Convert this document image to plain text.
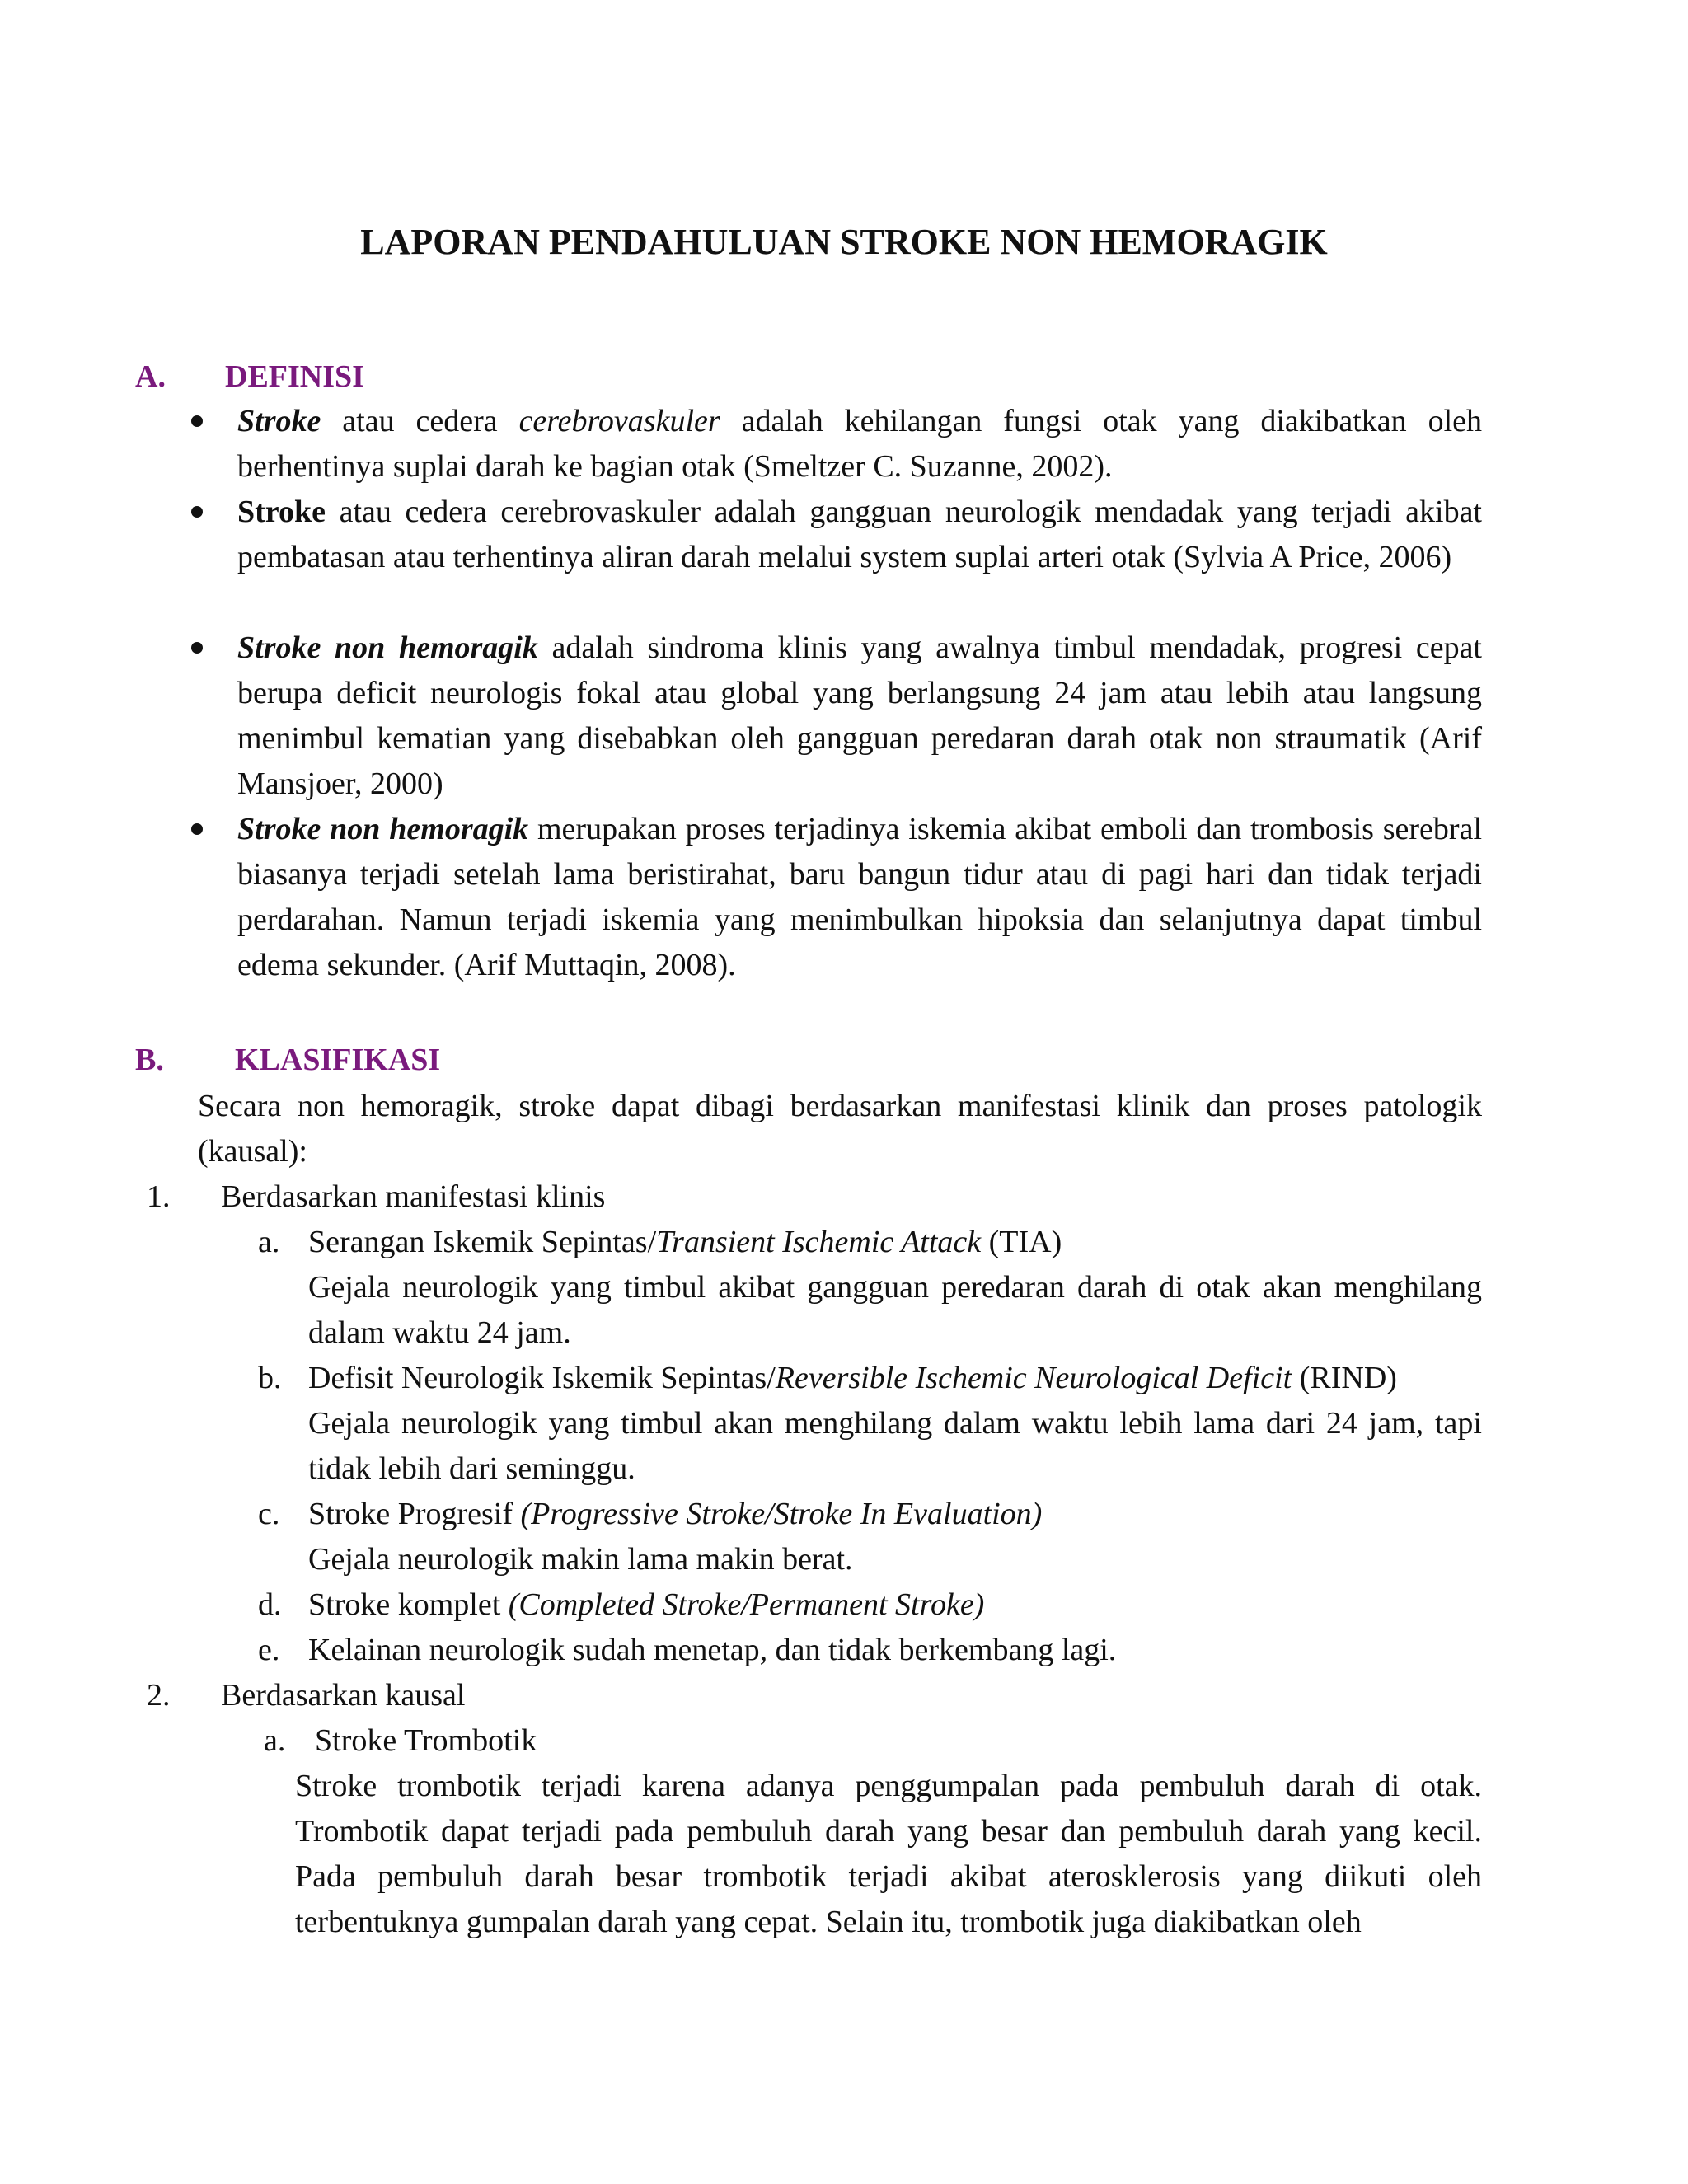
LAPORAN PENDAHULUAN STROKE NON HEMORAGIK
A. DEFINISI

Stroke atau cedera cerebrovaskuler adalah kehilangan fungsi otak yang diakibatkan oleh berhentinya suplai darah ke bagian otak (Smeltzer C. Suzanne, 2002).

Stroke atau cedera cerebrovaskuler adalah gangguan neurologik mendadak yang terjadi akibat pembatasan atau terhentinya aliran darah melalui system suplai arteri otak (Sylvia A Price, 2006)

Stroke non hemoragik adalah sindroma klinis yang awalnya timbul mendadak, progresi cepat berupa deficit neurologis fokal atau global yang berlangsung 24 jam atau lebih atau langsung menimbul kematian yang disebabkan oleh gangguan peredaran darah otak non straumatik (Arif Mansjoer, 2000)

Stroke non hemoragik merupakan proses terjadinya iskemia akibat emboli dan trombosis serebral biasanya terjadi setelah lama beristirahat, baru bangun tidur atau di pagi hari dan tidak terjadi perdarahan. Namun terjadi iskemia yang menimbulkan hipoksia dan selanjutnya dapat timbul edema sekunder. (Arif Muttaqin, 2008).

B. KLASIFIKASI
Secara non hemoragik, stroke dapat dibagi berdasarkan manifestasi klinik dan proses patologik (kausal):
1. Berdasarkan manifestasi klinis
a. Serangan Iskemik Sepintas/Transient Ischemic Attack (TIA)
Gejala neurologik yang timbul akibat gangguan peredaran darah di otak akan menghilang dalam waktu 24 jam.
b. Defisit Neurologik Iskemik Sepintas/Reversible Ischemic Neurological Deficit (RIND)
Gejala neurologik yang timbul akan menghilang dalam waktu lebih lama dari 24 jam, tapi tidak lebih dari seminggu.
c. Stroke Progresif (Progressive Stroke/Stroke In Evaluation)
Gejala neurologik makin lama makin berat.
d. Stroke komplet (Completed Stroke/Permanent Stroke)
e. Kelainan neurologik sudah menetap, dan tidak berkembang lagi.
2. Berdasarkan kausal
a. Stroke Trombotik
Stroke trombotik terjadi karena adanya penggumpalan pada pembuluh darah di otak. Trombotik dapat terjadi pada pembuluh darah yang besar dan pembuluh darah yang kecil. Pada pembuluh darah besar trombotik terjadi akibat aterosklerosis yang diikuti oleh terbentuknya gumpalan darah yang cepat. Selain itu, trombotik juga diakibatkan oleh
